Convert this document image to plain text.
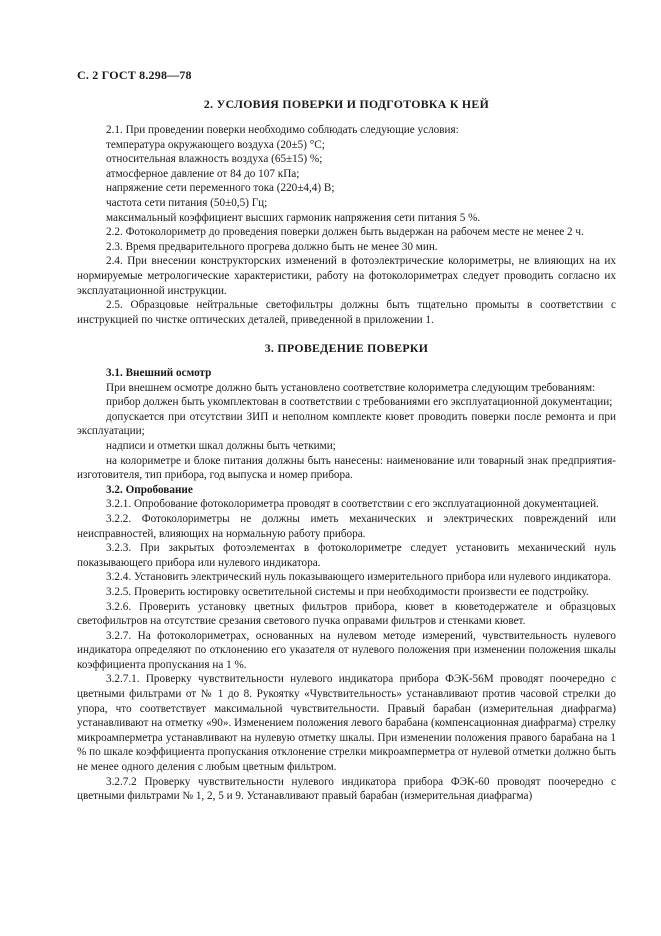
С. 2 ГОСТ 8.298—78
2. УСЛОВИЯ ПОВЕРКИ И ПОДГОТОВКА К НЕЙ

2.1. При проведении поверки необходимо соблюдать следующие условия:

температура окружающего воздуха (20±5) °С;

относительная влажность воздуха (65±15) %;

атмосферное давление от 84 до 107 кПа;

напряжение сети переменного тока (220±4,4) В;

частота сети питания (50±0,5) Гц;

максимальный коэффициент высших гармоник напряжения сети питания 5 %.

2.2. Фотоколориметр до проведения поверки должен быть выдержан на рабочем месте не менее 2 ч.

2.3. Время предварительного прогрева должно быть не менее 30 мин.

2.4. При внесении конструкторских изменений в фотоэлектрические колориметры, не влияющих на их нормируемые метрологические характеристики, работу на фотоколориметрах следует проводить согласно их эксплуатационной инструкции.

2.5. Образцовые нейтральные светофильтры должны быть тщательно промыты в соответствии с инструкцией по чистке оптических деталей, приведенной в приложении 1.

3. ПРОВЕДЕНИЕ ПОВЕРКИ

3.1. Внешний осмотр

При внешнем осмотре должно быть установлено соответствие колориметра следующим требованиям:

прибор должен быть укомплектован в соответствии с требованиями его эксплуатационной документации;

допускается при отсутствии ЗИП и неполном комплекте кювет проводить поверки после ремонта и при эксплуатации;

надписи и отметки шкал должны быть четкими;

на колориметре и блоке питания должны быть нанесены: наименование или товарный знак предприятия-изготовителя, тип прибора, год выпуска и номер прибора.

3.2. Опробование

3.2.1. Опробование фотоколориметра проводят в соответствии с его эксплуатационной документацией.

3.2.2. Фотоколориметры не должны иметь механических и электрических повреждений или неисправностей, влияющих на нормальную работу прибора.

3.2.3. При закрытых фотоэлементах в фотоколориметре следует установить механический нуль показывающего прибора или нулевого индикатора.

3.2.4. Установить электрический нуль показывающего измерительного прибора или нулевого индикатора.

3.2.5. Проверить юстировку осветительной системы и при необходимости произвести ее подстройку.

3.2.6. Проверить установку цветных фильтров прибора, кювет в кюветодержателе и образцовых светофильтров на отсутствие срезания светового пучка оправами фильтров и стенками кювет.

3.2.7. На фотоколориметрах, основанных на нулевом методе измерений, чувствительность нулевого индикатора определяют по отклонению его указателя от нулевого положения при изменении положения шкалы коэффициента пропускания на 1 %.

3.2.7.1. Проверку чувствительности нулевого индикатора прибора ФЭК-56М проводят поочередно с цветными фильтрами от № 1 до 8. Рукоятку «Чувствительность» устанавливают против часовой стрелки до упора, что соответствует максимальной чувствительности. Правый барабан (измерительная диафрагма) устанавливают на отметку «90». Изменением положения левого барабана (компенсационная диафрагма) стрелку микроамперметра устанавливают на нулевую отметку шкалы. При изменении положения правого барабана на 1 % по шкале коэффициента пропускания отклонение стрелки микроамперметра от нулевой отметки должно быть не менее одного деления с любым цветным фильтром.

3.2.7.2 Проверку чувствительности нулевого индикатора прибора ФЭК-60 проводят поочередно с цветными фильтрами № 1, 2, 5 и 9. Устанавливают правый барабан (измерительная диафрагма)
